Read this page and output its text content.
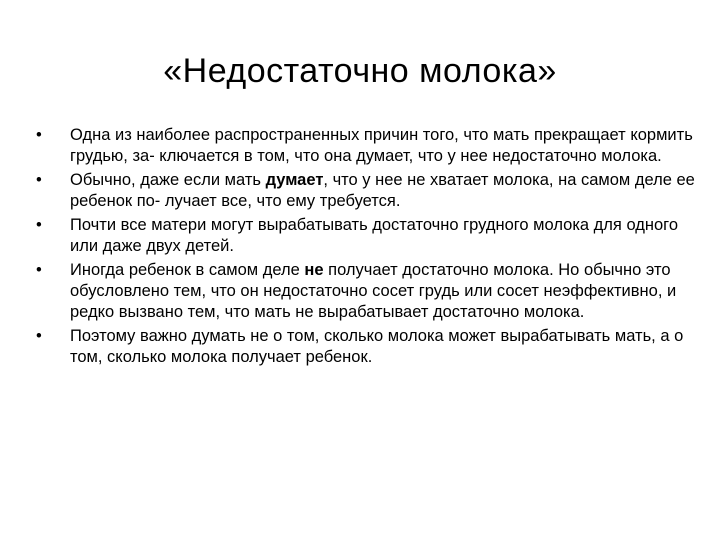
«Недостаточно молока»
•	Одна из наиболее распространенных причин того, что мать прекращает кормить грудью, за- ключается в том, что она думает, что у нее недостаточно молока.
•	Обычно, даже если мать думает, что у нее не хватает молока, на самом деле ее ребенок по- лучает все, что ему требуется.
•	Почти все матери могут вырабатывать достаточно грудного молока для одного или даже двух детей.
•	Иногда ребенок в самом деле не получает достаточно молока. Но обычно это обусловлено тем, что он недостаточно сосет грудь или сосет неэффективно, и редко вызвано тем, что мать не вырабатывает достаточно молока.
•	Поэтому важно думать не о том, сколько молока может вырабатывать мать, а о том, сколько молока получает ребенок.
